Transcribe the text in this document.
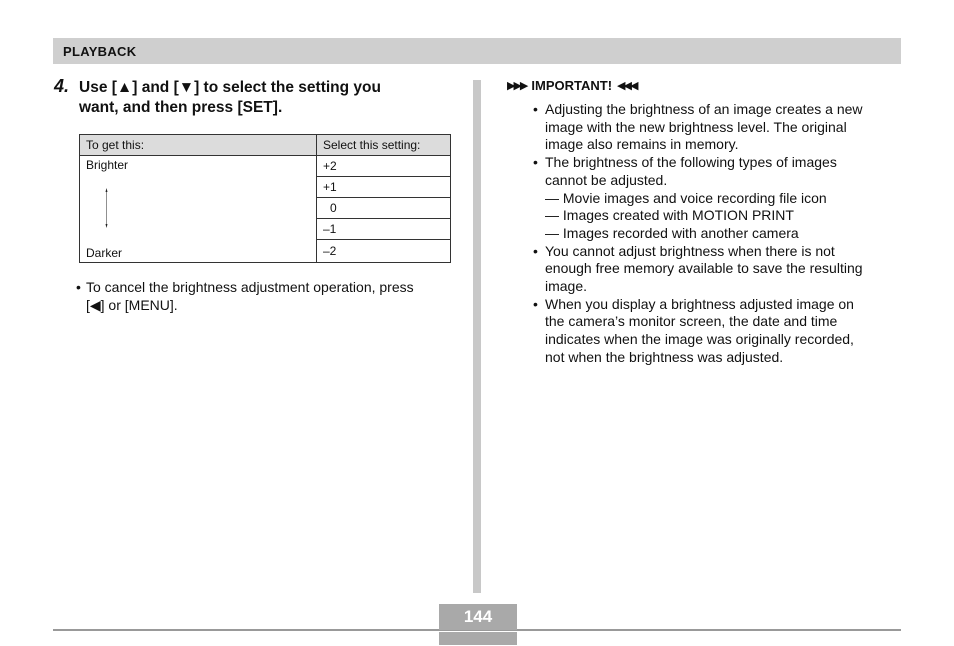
PLAYBACK
4. Use [▲] and [▼] to select the setting you
want, and then press [SET].
To get this:	Select this setting:
Brighter	+2
	+1
	0
	–1
Darker	–2
• To cancel the brightness adjustment operation, press
[◀] or [MENU].
▶▶▶ IMPORTANT! ◀◀◀
• Adjusting the brightness of an image creates a new
image with the new brightness level. The original
image also remains in memory.
• The brightness of the following types of images
cannot be adjusted.
— Movie images and voice recording file icon
— Images created with MOTION PRINT
— Images recorded with another camera
• You cannot adjust brightness when there is not
enough free memory available to save the resulting
image.
• When you display a brightness adjusted image on
the camera’s monitor screen, the date and time
indicates when the image was originally recorded,
not when the brightness was adjusted.
144
